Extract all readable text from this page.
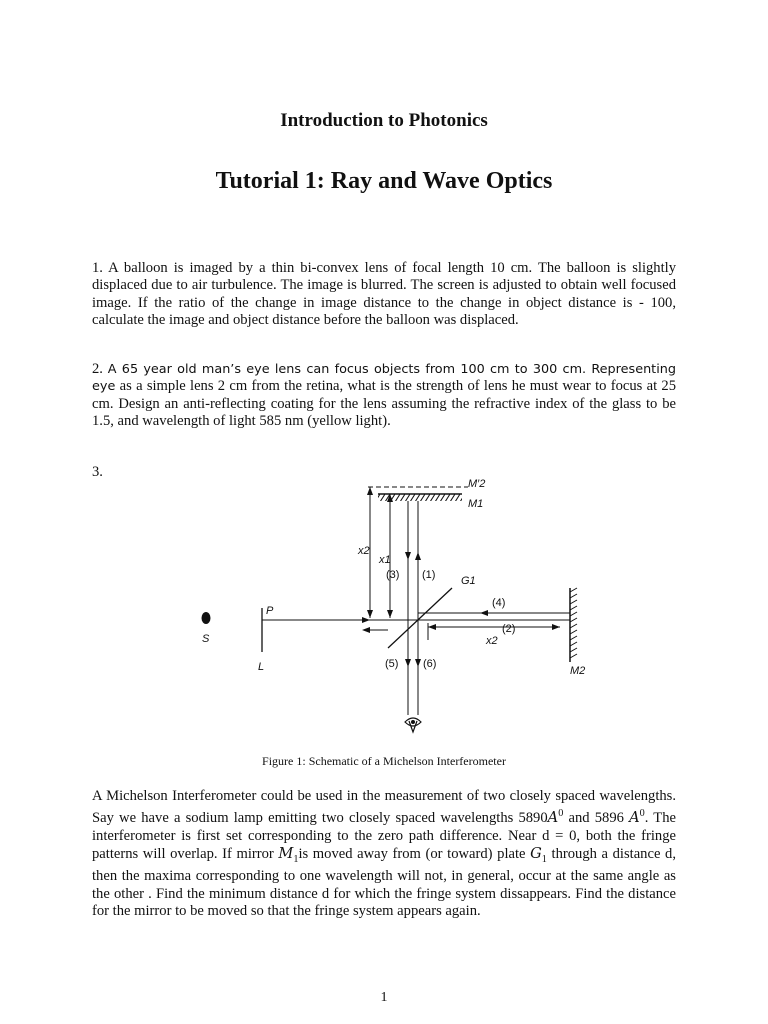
Introduction to Photonics
Tutorial 1: Ray and Wave Optics
1. A balloon is imaged by a thin bi-convex lens of focal length 10 cm. The balloon is slightly displaced due to air turbulence. The image is blurred. The screen is adjusted to obtain well focused image. If the ratio of the change in image distance to the change in object distance is - 100, calculate the image and object distance before the balloon was displaced.
2. A 65 year old man’s eye lens can focus objects from 100 cm to 300 cm. Representing eye as a simple lens 2 cm from the retina, what is the strength of lens he must wear to focus at 25 cm. Design an anti-reflecting coating for the lens assuming the refractive index of the glass to be 1.5, and wavelength of light 585 nm (yellow light).
3.
M′2
M1
x2
x1
(3) (1) G1
(4)
P
S
(2)
x2
L	(5) (6)
M2
Figure 1: Schematic of a Michelson Interferometer
A Michelson Interferometer could be used in the measurement of two closely spaced wavelengths. Say we have a sodium lamp emitting two closely spaced wavelengths $5890A^0$ and 5896 $A^0$. The interferometer is first set corresponding to the zero path difference. Near d = 0, both the fringe patterns will overlap. If mirror $M_1is$ moved away from (or toward) plate $G_1$ through a distance d, then the maxima corresponding to one wavelength will not, in general, occur at the same angle as the other . Find the minimum distance d for which the fringe system dissappears. Find the distance for the mirror to be moved so that the fringe system appears again.
1
